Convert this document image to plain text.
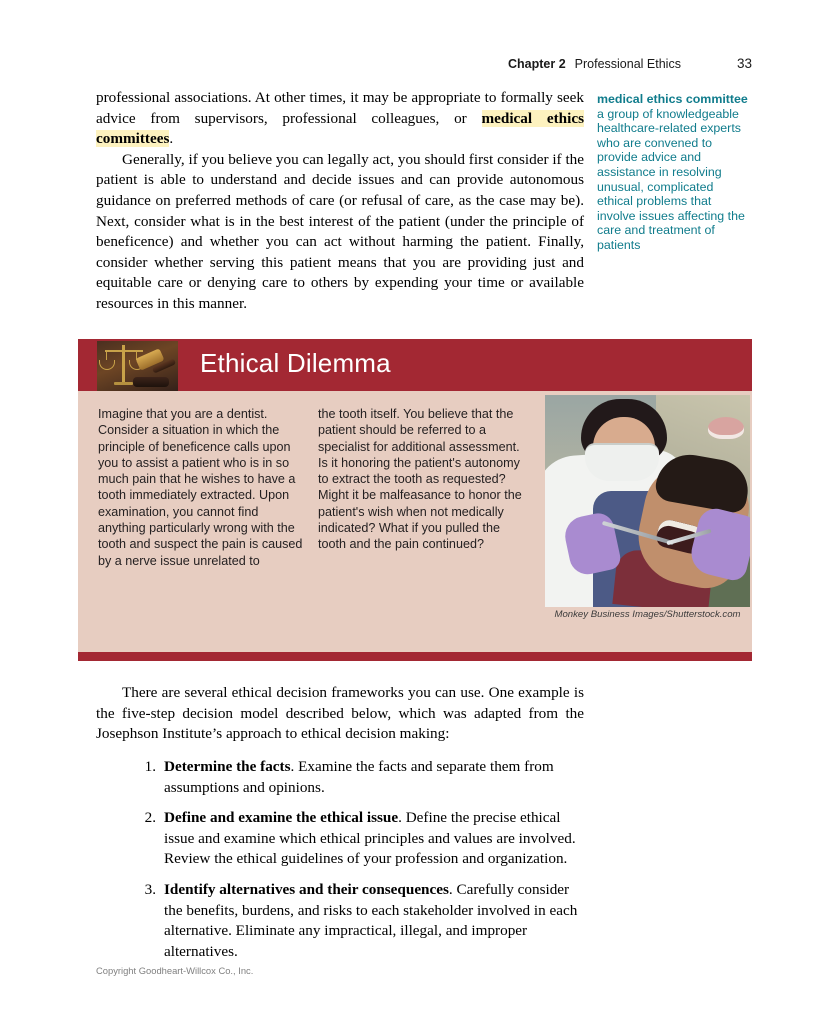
Chapter 2 Professional Ethics	33

professional associations. At other times, it may be appropriate to formally seek advice from supervisors, professional colleagues, or medical ethics committees.

Generally, if you believe you can legally act, you should first consider if the patient is able to understand and decide issues and can provide autonomous guidance on preferred methods of care (or refusal of care, as the case may be). Next, consider what is in the best interest of the patient (under the principle of beneficence) and whether you can act without harming the patient. Finally, consider whether serving this patient means that you are providing just and equitable care or denying care to others by expending your time or available resources in this manner.

medical ethics committee
a group of knowledgeable healthcare-related experts who are convened to provide advice and assistance in resolving unusual, complicated ethical problems that involve issues affecting the care and treatment of patients
Ethical Dilemma
Imagine that you are a dentist. Consider a situation in which the principle of beneficence calls upon you to assist a patient who is in so much pain that he wishes to have a tooth immediately extracted. Upon examination, you cannot find anything particularly wrong with the tooth and suspect the pain is caused by a nerve issue unrelated to
the tooth itself. You believe that the patient should be referred to a specialist for additional assessment. Is it honoring the patient's autonomy to extract the tooth as requested? Might it be malfeasance to honor the patient's wish when not medically indicated? What if you pulled the tooth and the pain continued?
Monkey Business Images/Shutterstock.com

There are several ethical decision frameworks you can use. One example is the five-step decision model described below, which was adapted from the Josephson Institute’s approach to ethical decision making:

1. Determine the facts. Examine the facts and separate them from assumptions and opinions.
2. Define and examine the ethical issue. Define the precise ethical issue and examine which ethical principles and values are involved. Review the ethical guidelines of your profession and organization.
3. Identify alternatives and their consequences. Carefully consider the benefits, burdens, and risks to each stakeholder involved in each alternative. Eliminate any impractical, illegal, and improper alternatives.
Copyright Goodheart-Willcox Co., Inc.
